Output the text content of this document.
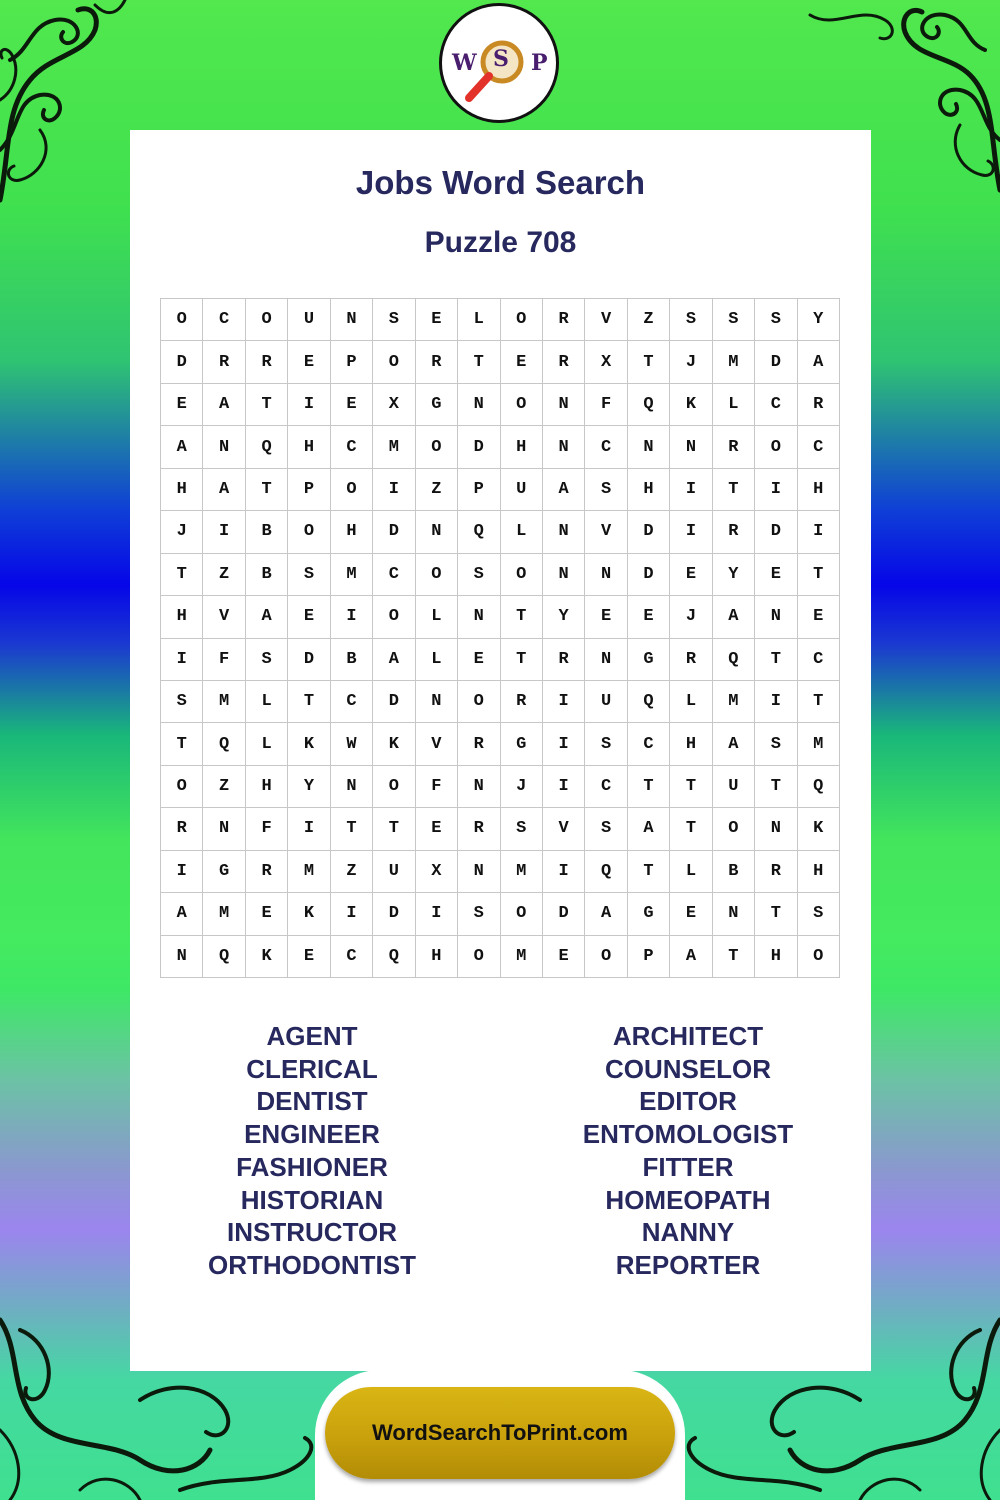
W S P
Jobs Word Search
Puzzle 708
O	C	O	U	N	S	E	L	O	R	V	Z	S	S	S	Y
D	R	R	E	P	O	R	T	E	R	X	T	J	M	D	A
E	A	T	I	E	X	G	N	O	N	F	Q	K	L	C	R
A	N	Q	H	C	M	O	D	H	N	C	N	N	R	O	C
H	A	T	P	O	I	Z	P	U	A	S	H	I	T	I	H
J	I	B	O	H	D	N	Q	L	N	V	D	I	R	D	I
T	Z	B	S	M	C	O	S	O	N	N	D	E	Y	E	T
H	V	A	E	I	O	L	N	T	Y	E	E	J	A	N	E
I	F	S	D	B	A	L	E	T	R	N	G	R	Q	T	C
S	M	L	T	C	D	N	O	R	I	U	Q	L	M	I	T
T	Q	L	K	W	K	V	R	G	I	S	C	H	A	S	M
O	Z	H	Y	N	O	F	N	J	I	C	T	T	U	T	Q
R	N	F	I	T	T	E	R	S	V	S	A	T	O	N	K
I	G	R	M	Z	U	X	N	M	I	Q	T	L	B	R	H
A	M	E	K	I	D	I	S	O	D	A	G	E	N	T	S
N	Q	K	E	C	Q	H	O	M	E	O	P	A	T	H	O
AGENT
CLERICAL
DENTIST
ENGINEER
FASHIONER
HISTORIAN
INSTRUCTOR
ORTHODONTIST
ARCHITECT
COUNSELOR
EDITOR
ENTOMOLOGIST
FITTER
HOMEOPATH
NANNY
REPORTER
WordSearchToPrint.com
